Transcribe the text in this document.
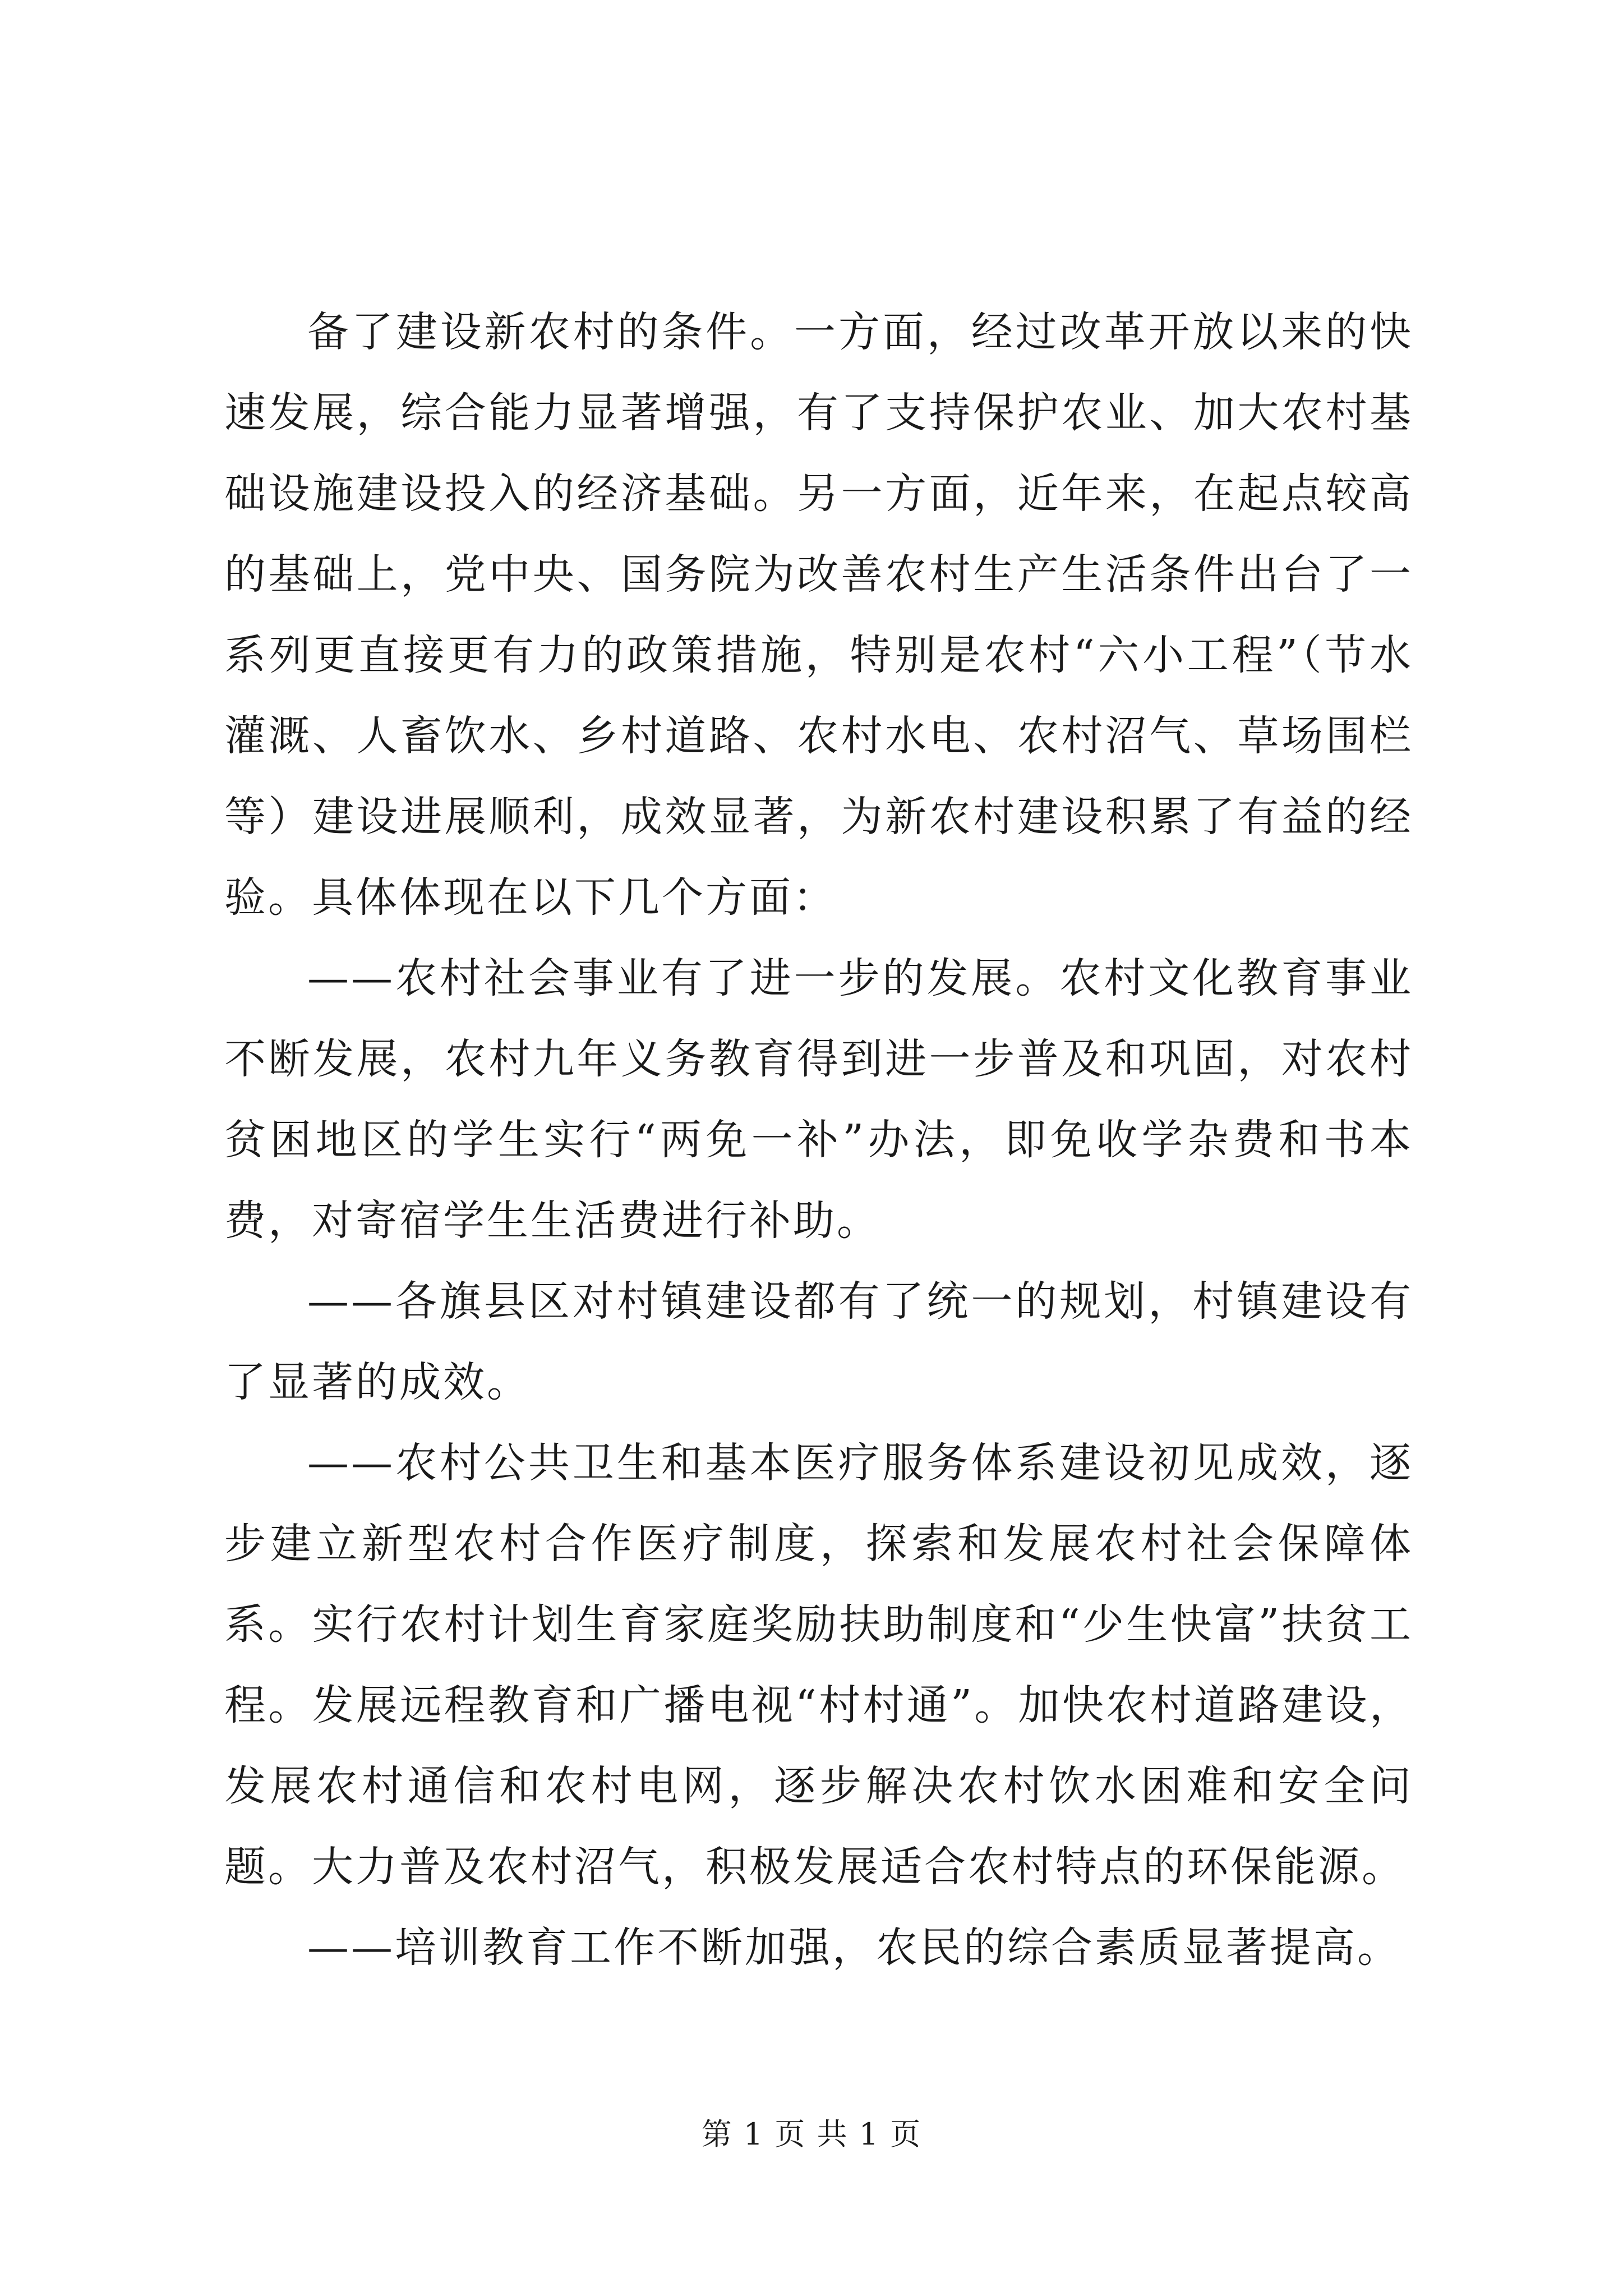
备了建设新农村的条件。一方面，经过改革开放以来的快速发展，综合能力显著增强，有了支持保护农业、加大农村基础设施建设投入的经济基础。另一方面，近年来，在起点较高的基础上，党中央、国务院为改善农村生产生活条件出台了一系列更直接更有力的政策措施，特别是农村“六小工程”（节水灌溉、人畜饮水、乡村道路、农村水电、农村沼气、草场围栏等）建设进展顺利，成效显著，为新农村建设积累了有益的经验。具体体现在以下几个方面：

——农村社会事业有了进一步的发展。农村文化教育事业不断发展，农村九年义务教育得到进一步普及和巩固，对农村贫困地区的学生实行“两免一补”办法，即免收学杂费和书本费，对寄宿学生生活费进行补助。

——各旗县区对村镇建设都有了统一的规划，村镇建设有了显著的成效。

——农村公共卫生和基本医疗服务体系建设初见成效，逐步建立新型农村合作医疗制度，探索和发展农村社会保障体系。实行农村计划生育家庭奖励扶助制度和“少生快富”扶贫工程。发展远程教育和广播电视“村村通”。加快农村道路建设，发展农村通信和农村电网，逐步解决农村饮水困难和安全问题。大力普及农村沼气，积极发展适合农村特点的环保能源。

——培训教育工作不断加强，农民的综合素质显著提高。

第 1 页 共 1 页
